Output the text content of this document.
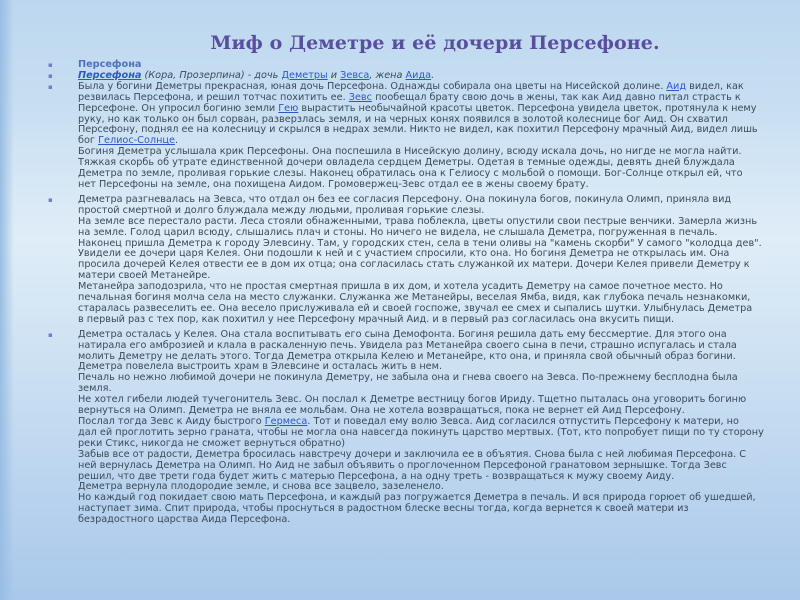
Миф о Деметре и её дочери Персефоне.
▪	Персефона
▪	Персефона (Кора, Прозерпина) - дочь Деметры и Зевса, жена Аида.
▪	Была у богини Деметры прекрасная, юная дочь Персефона. Однажды собирала она цветы на Нисейской долине. Аид видел, как
резвилась Персефона, и решил тотчас похитить ее. Зевс пообещал брату свою дочь в жены, так как Аид давно питал страсть к
Персефоне. Он упросил богиню земли Гею вырастить необычайной красоты цветок. Персефона увидела цветок, протянула к нему
руку, но как только он был сорван, разверзлась земля, и на черных конях появился в золотой колеснице бог Аид. Он схватил
Персефону, поднял ее на колесницу и скрылся в недрах земли. Никто не видел, как похитил Персефону мрачный Аид, видел лишь
бог Гелиос-Солнце.
Богиня Деметра услышала крик Персефоны. Она поспешила в Нисейскую долину, всюду искала дочь, но нигде не могла найти.
Тяжкая скорбь об утрате единственной дочери овладела сердцем Деметры. Одетая в темные одежды, девять дней блуждала
Деметра по земле, проливая горькие слезы. Наконец обратилась она к Гелиосу с мольбой о помощи. Бог-Солнце открыл ей, что
нет Персефоны на земле, она похищена Аидом. Громовержец-Зевс отдал ее в жены своему брату.
▪	Деметра разгневалась на Зевса, что отдал он без ее согласия Персефону. Она покинула богов, покинула Олимп, приняла вид
простой смертной и долго блуждала между людьми, проливая горькие слезы.
На земле все перестало расти. Леса стояли обнаженными, трава поблекла, цветы опустили свои пестрые венчики. Замерла жизнь
на земле. Голод царил всюду, слышались плач и стоны. Но ничего не видела, не слышала Деметра, погруженная в печаль.
Наконец пришла Деметра к городу Элевсину. Там, у городских стен, села в тени оливы на "камень скорби" У самого "колодца дев".
Увидели ее дочери царя Келея. Они подошли к ней и с участием спросили, кто она. Но богиня Деметра не открылась им. Она
просила дочерей Келея отвести ее в дом их отца; она согласилась стать служанкой их матери. Дочери Келея привели Деметру к
матери своей Метанейре.
Метанейра заподозрила, что не простая смертная пришла в их дом, и хотела усадить Деметру на самое почетное место. Но
печальная богиня молча села на место служанки. Служанка же Метанейры, веселая Ямба, видя, как глубока печаль незнакомки,
старалась развеселить ее. Она весело прислуживала ей и своей госпоже, звучал ее смех и сыпались шутки. Улыбнулась Деметра
в первый раз с тех пор, как похитил у нее Персефону мрачный Аид. и в первый раз согласилась она вкусить пищи.
▪	Деметра осталась у Келея. Она стала воспитывать его сына Демофонта. Богиня решила дать ему бессмертие. Для этого она
натирала его амброзией и клала в раскаленную печь. Увидела раз Метанейра своего сына в печи, страшно испугалась и стала
молить Деметру не делать этого. Тогда Деметра открыла Келею и Метанейре, кто она, и приняла свой обычный образ богини.
Деметра повелела выстроить храм в Элевсине и осталась жить в нем.
Печаль но нежно любимой дочери не покинула Деметру, не забыла она и гнева своего на Зевса. По-прежнему бесплодна была
земля.
Не хотел гибели людей тучегонитель Зевс. Он послал к Деметре вестницу богов Ириду. Тщетно пыталась она уговорить богиню
вернуться на Олимп. Деметра не вняла ее мольбам. Она не хотела возвращаться, пока не вернет ей Аид Персефону.
Послал тогда Зевс к Аиду быстрого Гермеса. Тот и поведал ему волю Зевса. Аид согласился отпустить Персефону к матери, но
дал ей проглотить зерно граната, чтобы не могла она навсегда покинуть царство мертвых. (Тот, кто попробует пищи по ту сторону
реки Стикс, никогда не сможет вернуться обратно)
Забыв все от радости, Деметра бросилась навстречу дочери и заключила ее в объятия. Снова была с ней любимая Персефона. С
ней вернулась Деметра на Олимп. Но Аид не забыл объявить о проглоченном Персефоной гранатовом зернышке. Тогда Зевс
решил, что две трети года будет жить с матерью Персефона, а на одну треть - возвращаться к мужу своему Аиду.
Деметра вернула плодородие земле, и снова все зацвело, зазеленело.
Но каждый год покидает свою мать Персефона, и каждый раз погружается Деметра в печаль. И вся природа горюет об ушедшей,
наступает зима. Спит природа, чтобы проснуться в радостном блеске весны тогда, когда вернется к своей матери из
безрадостного царства Аида Персефона.
